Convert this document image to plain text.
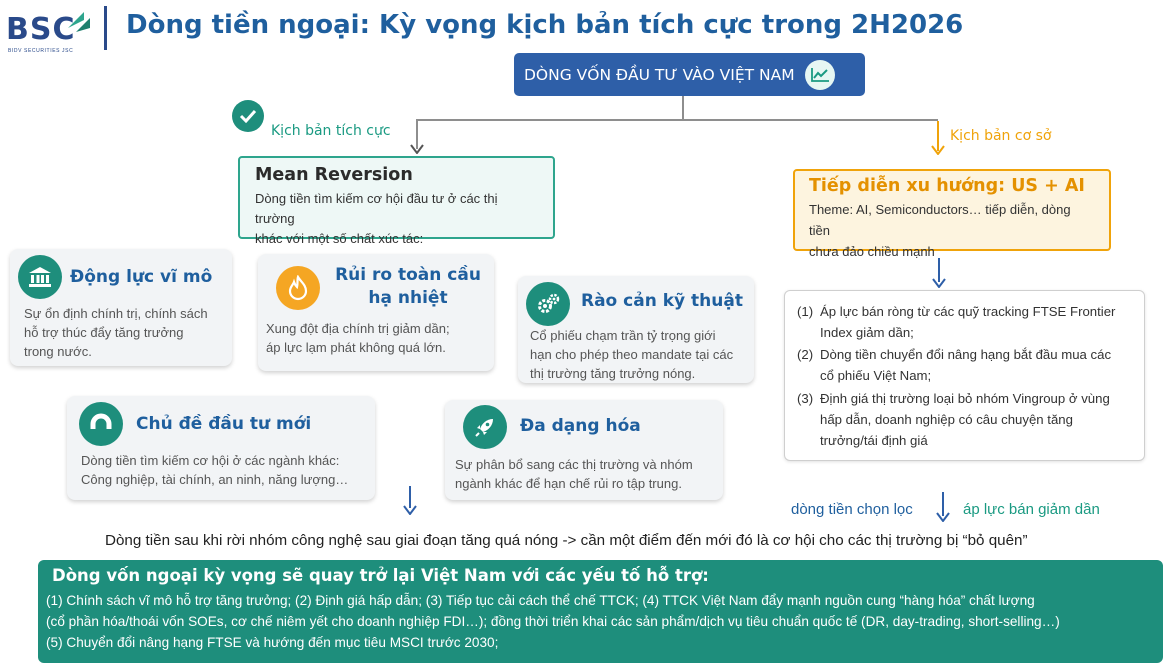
BSC
BIDV SECURITIES JSC
Dòng tiền ngoại: Kỳ vọng kịch bản tích cực trong 2H2026
DÒNG VỐN ĐẦU TƯ VÀO VIỆT NAM
Kịch bản tích cực	Kịch bản cơ sở
Mean Reversion
Dòng tiền tìm kiếm cơ hội đầu tư ở các thị trường
khác với một số chất xúc tác:
Tiếp diễn xu hướng: US + AI
Theme: AI, Semiconductors… tiếp diễn, dòng tiền
chưa đảo chiều mạnh
Động lực vĩ mô
Sự ổn định chính trị, chính sách
hỗ trợ thúc đẩy tăng trưởng
trong nước.
Rủi ro toàn cầu
hạ nhiệt
Xung đột địa chính trị giảm dần;
áp lực lạm phát không quá lớn.
Rào cản kỹ thuật
Cổ phiếu chạm trần tỷ trọng giới
hạn cho phép theo mandate tại các
thị trường tăng trưởng nóng.
Chủ đề đầu tư mới
Dòng tiền tìm kiếm cơ hội ở các ngành khác:
Công nghiệp, tài chính, an ninh, năng lượng…
Đa dạng hóa
Sự phân bổ sang các thị trường và nhóm
ngành khác để hạn chế rủi ro tập trung.
(1) Áp lực bán ròng từ các quỹ tracking FTSE Frontier
Index giảm dần;
(2) Dòng tiền chuyển đổi nâng hạng bắt đầu mua các
cổ phiếu Việt Nam;
(3) Định giá thị trường loại bỏ nhóm Vingroup ở vùng
hấp dẫn, doanh nghiệp có câu chuyện tăng
trưởng/tái định giá
dòng tiền chọn lọc	áp lực bán giảm dần
Dòng tiền sau khi rời nhóm công nghệ sau giai đoạn tăng quá nóng -> cần một điểm đến mới đó là cơ hội cho các thị trường bị “bỏ quên”
Dòng vốn ngoại kỳ vọng sẽ quay trở lại Việt Nam với các yếu tố hỗ trợ:
(1) Chính sách vĩ mô hỗ trợ tăng trưởng; (2) Định giá hấp dẫn; (3) Tiếp tục cải cách thể chế TTCK; (4) TTCK Việt Nam đẩy mạnh nguồn cung “hàng hóa” chất lượng
(cổ phần hóa/thoái vốn SOEs, cơ chế niêm yết cho doanh nghiệp FDI…); đồng thời triển khai các sản phẩm/dịch vụ tiêu chuẩn quốc tế (DR, day-trading, short-selling…)
(5) Chuyển đổi nâng hạng FTSE và hướng đến mục tiêu MSCI trước 2030;
